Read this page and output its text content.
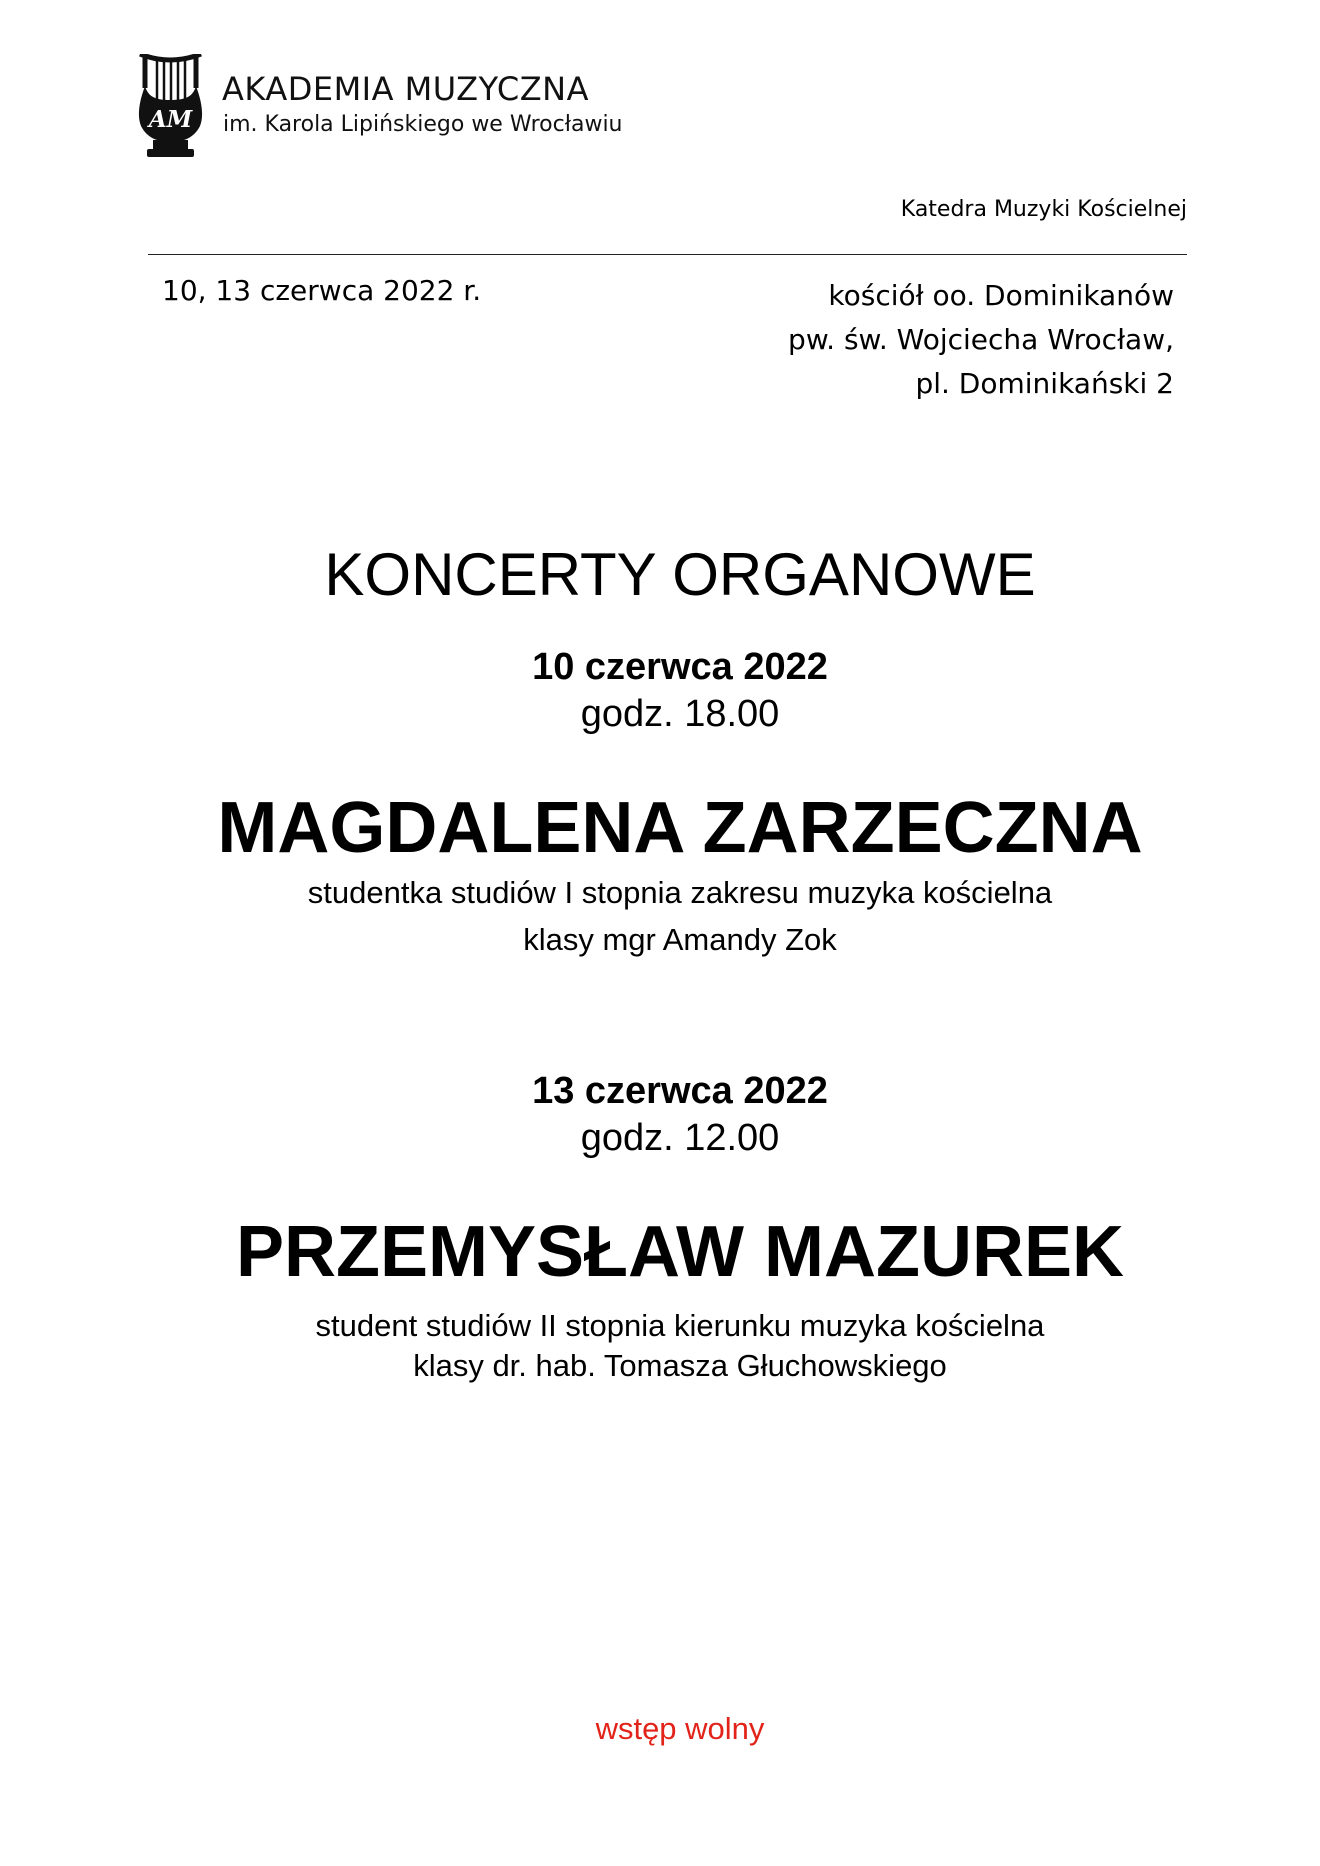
AM
AKADEMIA MUZYCZNA
im. Karola Lipińskiego we Wrocławiu
Katedra Muzyki Kościelnej
10, 13 czerwca 2022 r.	kościół oo. Dominikanów
pw. św. Wojciecha Wrocław,
pl. Dominikański 2
KONCERTY ORGANOWE
10 czerwca 2022
godz. 18.00
MAGDALENA ZARZECZNA
studentka studiów I stopnia zakresu muzyka kościelna
klasy mgr Amandy Zok
13 czerwca 2022
godz. 12.00
PRZEMYSŁAW MAZUREK
student studiów II stopnia kierunku muzyka kościelna
klasy dr. hab. Tomasza Głuchowskiego
wstęp wolny
